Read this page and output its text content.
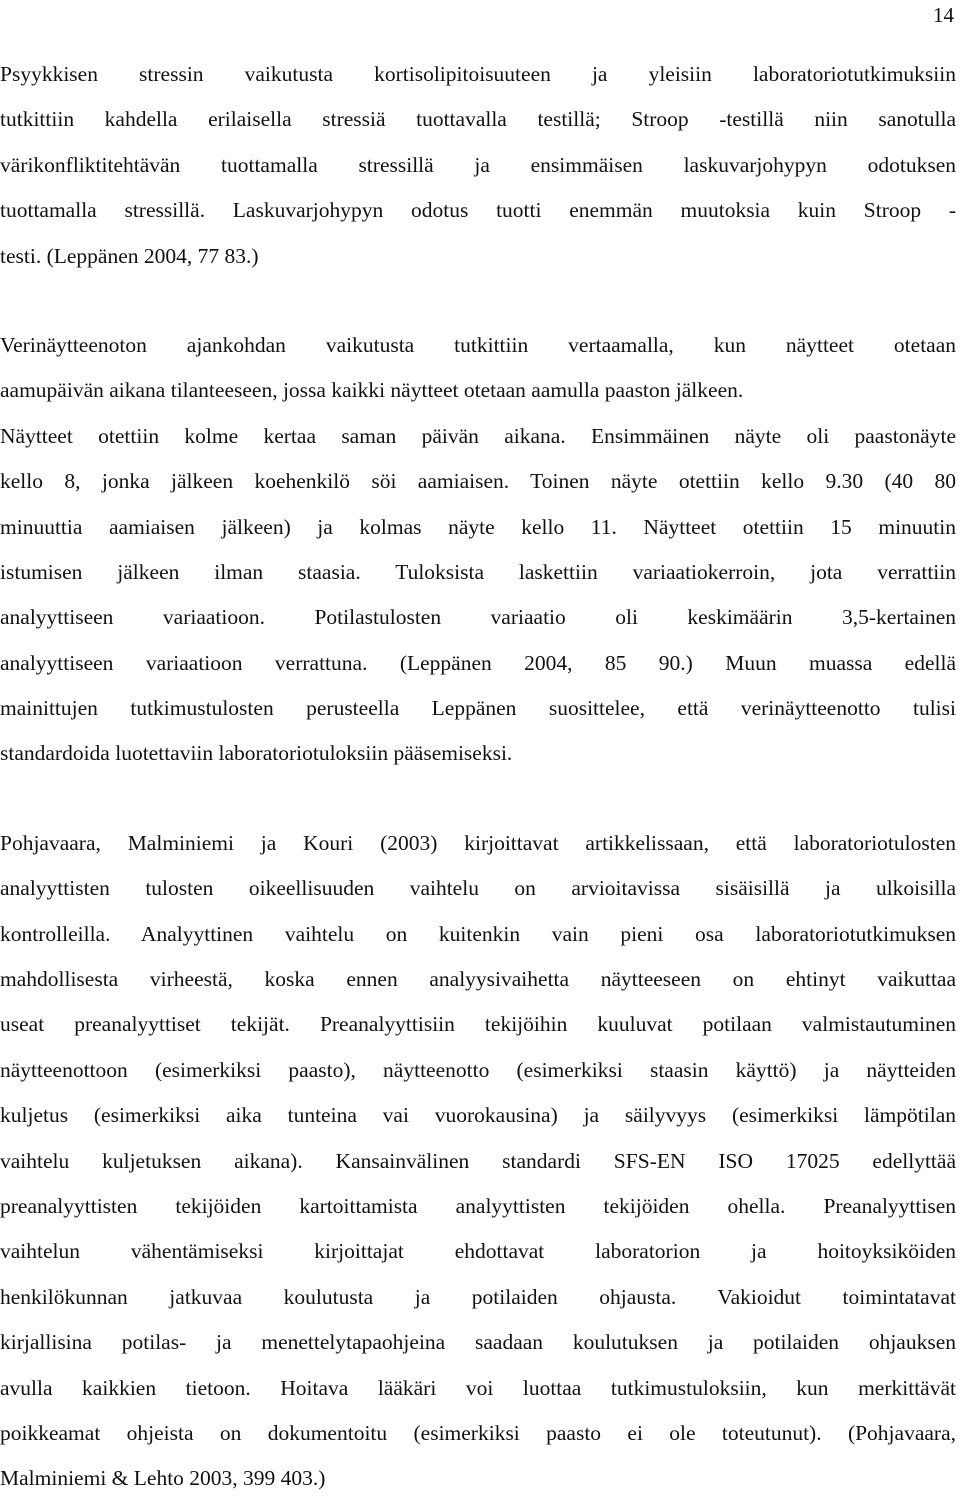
14
Psyykkisen stressin vaikutusta kortisolipitoisuuteen ja yleisiin laboratoriotutkimuksiin
tutkittiin kahdella erilaisella stressiä tuottavalla testillä; Stroop -testillä niin sanotulla
värikonfliktitehtävän tuottamalla stressillä ja ensimmäisen laskuvarjohypyn odotuksen
tuottamalla stressillä. Laskuvarjohypyn odotus tuotti enemmän muutoksia kuin Stroop -
testi. (Leppänen 2004, 77 83.)
Verinäytteenoton ajankohdan vaikutusta tutkittiin vertaamalla, kun näytteet otetaan
aamupäivän aikana tilanteeseen, jossa kaikki näytteet otetaan aamulla paaston jälkeen.
Näytteet otettiin kolme kertaa saman päivän aikana. Ensimmäinen näyte oli paastonäyte
kello 8, jonka jälkeen koehenkilö söi aamiaisen. Toinen näyte otettiin kello 9.30 (40 80
minuuttia aamiaisen jälkeen) ja kolmas näyte kello 11. Näytteet otettiin 15 minuutin
istumisen jälkeen ilman staasia. Tuloksista laskettiin variaatiokerroin, jota verrattiin
analyyttiseen variaatioon. Potilastulosten variaatio oli keskimäärin 3,5-kertainen
analyyttiseen variaatioon verrattuna. (Leppänen 2004, 85 90.) Muun muassa edellä
mainittujen tutkimustulosten perusteella Leppänen suosittelee, että verinäytteenotto tulisi
standardoida luotettaviin laboratoriotuloksiin pääsemiseksi.
Pohjavaara, Malminiemi ja Kouri (2003) kirjoittavat artikkelissaan, että laboratoriotulosten
analyyttisten tulosten oikeellisuuden vaihtelu on arvioitavissa sisäisillä ja ulkoisilla
kontrolleilla. Analyyttinen vaihtelu on kuitenkin vain pieni osa laboratoriotutkimuksen
mahdollisesta virheestä, koska ennen analyysivaihetta näytteeseen on ehtinyt vaikuttaa
useat preanalyyttiset tekijät. Preanalyyttisiin tekijöihin kuuluvat potilaan valmistautuminen
näytteenottoon (esimerkiksi paasto), näytteenotto (esimerkiksi staasin käyttö) ja näytteiden
kuljetus (esimerkiksi aika tunteina vai vuorokausina) ja säilyvyys (esimerkiksi lämpötilan
vaihtelu kuljetuksen aikana). Kansainvälinen standardi SFS-EN ISO 17025 edellyttää
preanalyyttisten tekijöiden kartoittamista analyyttisten tekijöiden ohella. Preanalyyttisen
vaihtelun vähentämiseksi kirjoittajat ehdottavat laboratorion ja hoitoyksiköiden
henkilökunnan jatkuvaa koulutusta ja potilaiden ohjausta. Vakioidut toimintatavat
kirjallisina potilas- ja menettelytapaohjeina saadaan koulutuksen ja potilaiden ohjauksen
avulla kaikkien tietoon. Hoitava lääkäri voi luottaa tutkimustuloksiin, kun merkittävät
poikkeamat ohjeista on dokumentoitu (esimerkiksi paasto ei ole toteutunut). (Pohjavaara,
Malminiemi & Lehto 2003, 399 403.)
